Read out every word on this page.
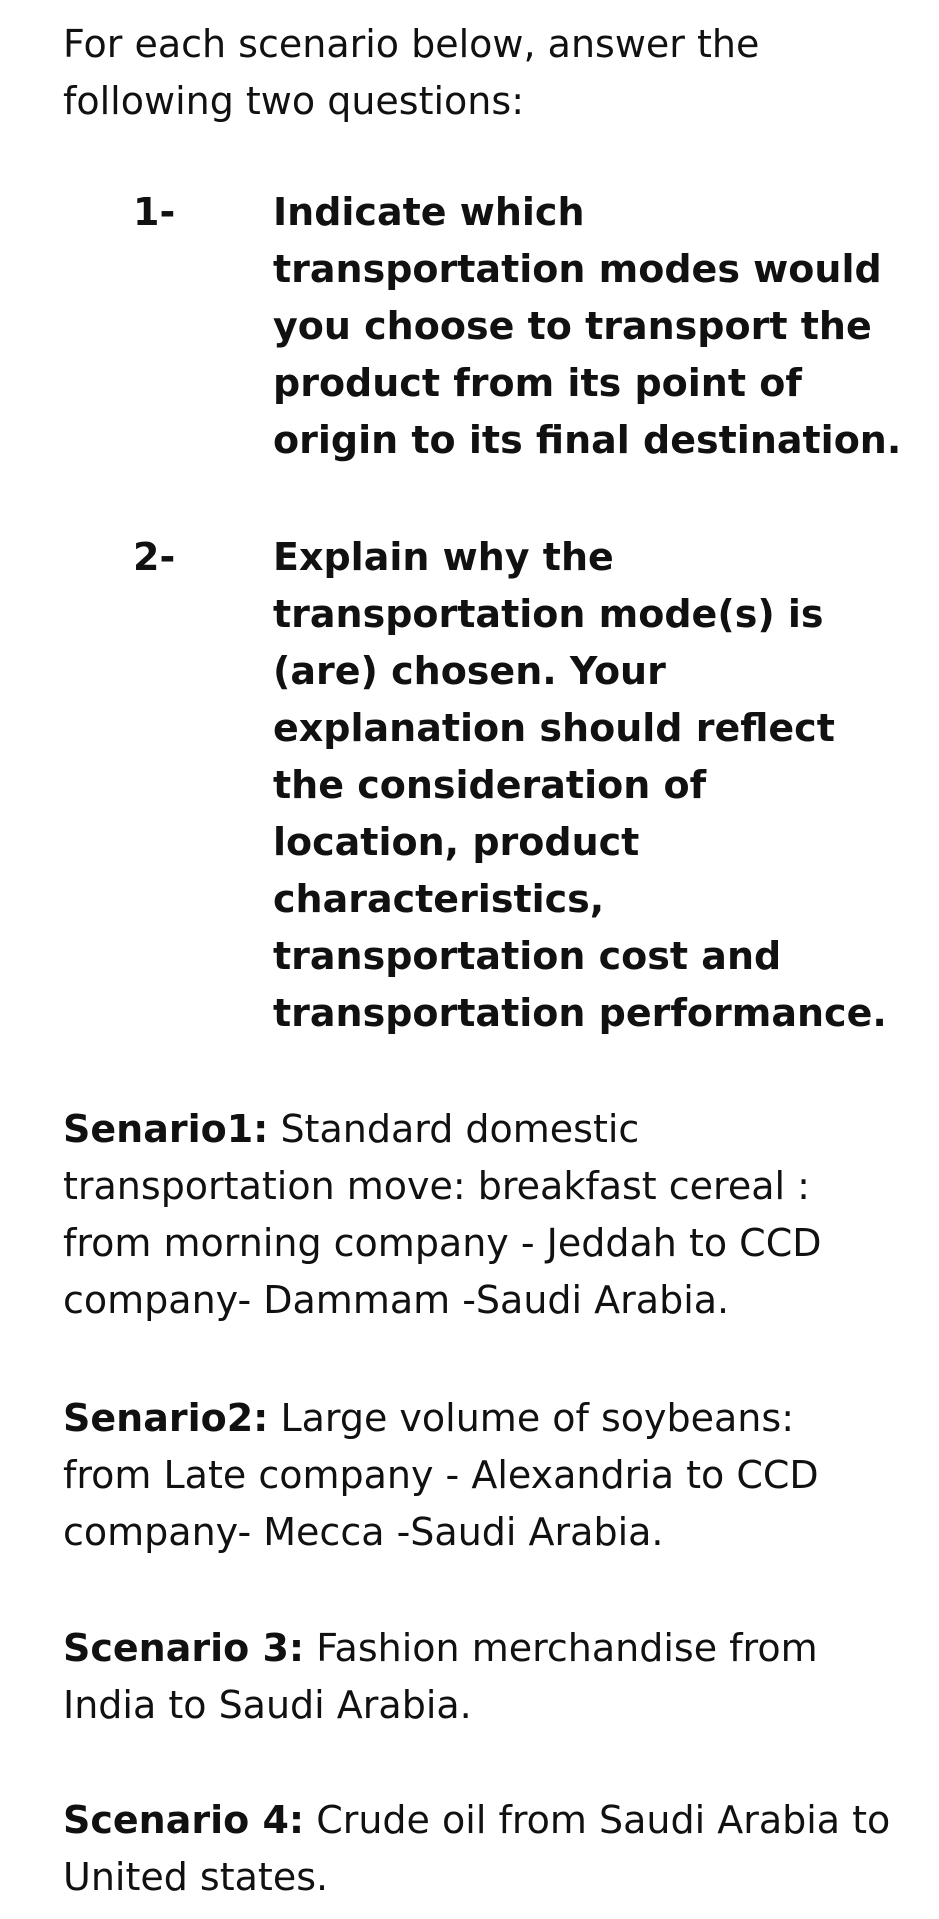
For each scenario below, answer the following two questions:
1-	Indicate which transportation modes would you choose to transport the product from its point of origin to its final destination.
2-	Explain why the transportation mode(s) is (are) chosen. Your explanation should reflect the consideration of location, product characteristics, transportation cost and transportation performance.
Senario1: Standard domestic transportation move: breakfast cereal : from morning company - Jeddah to CCD company- Dammam -Saudi Arabia.
Senario2: Large volume of soybeans: from Late company - Alexandria to CCD company- Mecca -Saudi Arabia.
Scenario 3: Fashion merchandise from India to Saudi Arabia.
Scenario 4: Crude oil from Saudi Arabia to United states.
